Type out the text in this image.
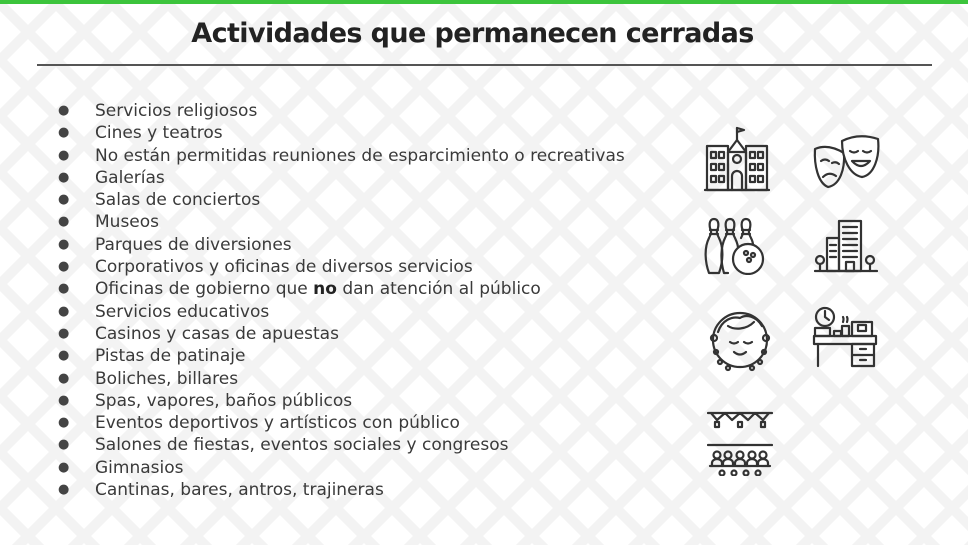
Actividades que permanecen cerradas
● Servicios religiosos
● Cines y teatros
● No están permitidas reuniones de esparcimiento o recreativas
● Galerías
● Salas de conciertos
● Museos
● Parques de diversiones
● Corporativos y oficinas de diversos servicios
● Oficinas de gobierno que no dan atención al público
● Servicios educativos
● Casinos y casas de apuestas
● Pistas de patinaje
● Boliches, billares
● Spas, vapores, baños públicos
● Eventos deportivos y artísticos con público
● Salones de fiestas, eventos sociales y congresos
● Gimnasios
● Cantinas, bares, antros, trajineras
